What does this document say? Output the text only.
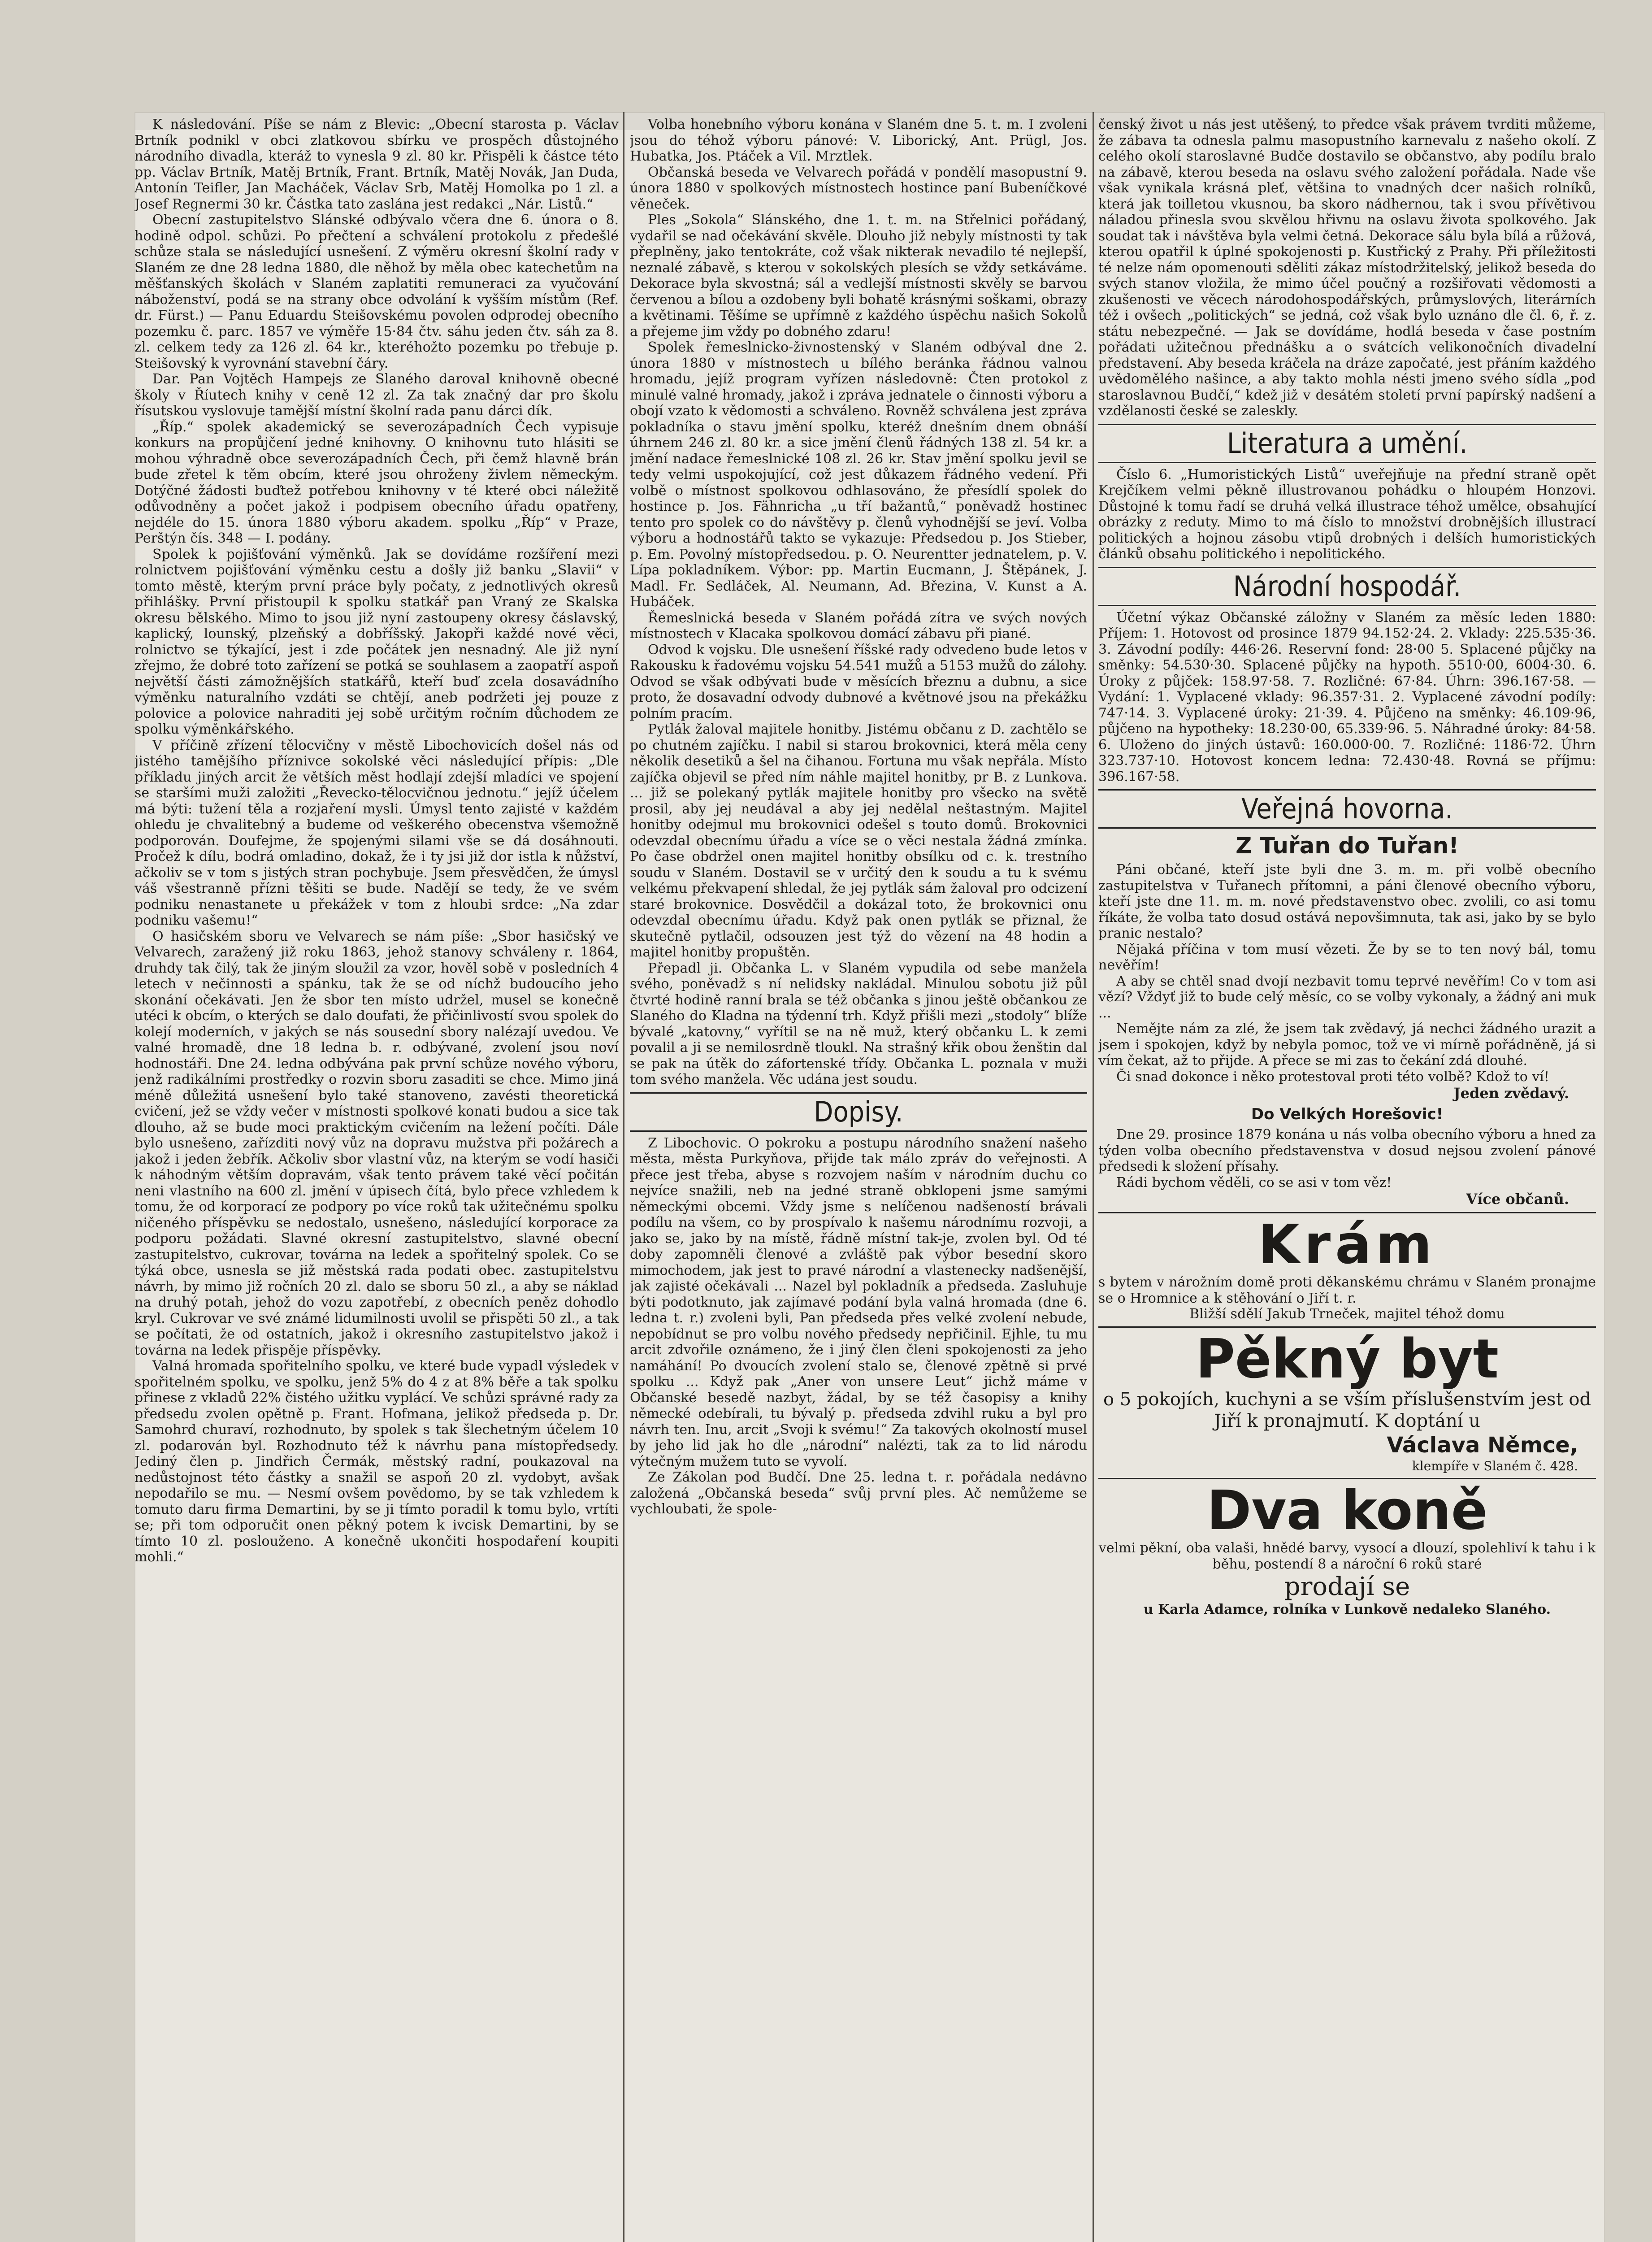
K následování. Píše se nám z Blevic: „Obecní starosta p. Václav Brtník podnikl v obci zlatkovou sbírku ve prospěch důstojného národního divadla, kteráž to vynesla 9 zl. 80 kr. Přispěli k částce této pp. Václav Brtník, Matěj Brtník, Frant. Brtník, Matěj Novák, Jan Duda, Antonín Teifler, Jan Macháček, Václav Srb, Matěj Homolka po 1 zl. a Josef Regnermi 30 kr. Částka tato zaslána jest redakci „Nár. Listů.“

Obecní zastupitelstvo Slánské odbývalo včera dne 6. února o 8. hodině odpol. schůzi. Po přečtení a schválení protokolu z předešlé schůze stala se následující usnešení. Z výměru okresní školní rady v Slaném ze dne 28 ledna 1880, dle něhož by měla obec katechetům na měšťanských školách v Slaném zaplatiti remuneraci za vyučování náboženství, podá se na strany obce odvolání k vyšším místům (Ref. dr. Fürst.) — Panu Eduardu Steišovskému povolen odprodej obecního pozemku č. parc. 1857 ve výměře 15·84 čtv. sáhu jeden čtv. sáh za 8. zl. celkem tedy za 126 zl. 64 kr., kteréhožto pozemku po třebuje p. Steišovský k vyrovnání stavební čáry.

Dar. Pan Vojtěch Hampejs ze Slaného daroval knihovně obecné školy v Říutech knihy v ceně 12 zl. Za tak značný dar pro školu řísutskou vyslovuje tamější místní školní rada panu dárci dík.

„Říp.“ spolek akademický se severozápadních Čech vypisuje konkurs na propůjčení jedné knihovny. O knihovnu tuto hlásiti se mohou výhradně obce severozápadních Čech, při čemž hlavně brán bude zřetel k těm obcím, které jsou ohroženy živlem německým. Dotýčné žádosti buďtež potřebou knihovny v té které obci náležitě odůvodněny a počet jakož i podpisem obecního úřadu opatřeny, nejdéle do 15. února 1880 výboru akadem. spolku „Říp“ v Praze, Perštýn čís. 348 — I. podány.

Spolek k pojišťování výměnků. Jak se dovídáme rozšíření mezi rolnictvem pojišťování výměnku cestu a došly již banku „Slavii“ v tomto městě, kterým první práce byly počaty, z jednotlivých okresů přihlášky. První přistoupil k spolku statkář pan Vraný ze Skalska okresu bělského. Mimo to jsou již nyní zastoupeny okresy čáslavský, kaplický, lounský, plzeňský a dobříšský. Jakopři každé nové věci, rolnictvo se týkající, jest i zde počátek jen nesnadný. Ale již nyní zřejmo, že dobré toto zařízení se potká se souhlasem a zaopatří aspoň největší části zámožnějších statkářů, kteří buď zcela dosavádního výměnku naturalního vzdáti se chtějí, aneb podržeti jej pouze z polovice a polovice nahraditi jej sobě určitým ročním důchodem ze spolku výměnkářského.

V příčině zřízení tělocvičny v městě Libochovicích došel nás od jistého tamějšího příznivce sokolské věci následující přípis: „Dle příkladu jiných arcit že větších měst hodlají zdejší mladíci ve spojení se staršími muži založiti „Řevecko-tělocvičnou jednotu.“ jejíž účelem má býti: tužení těla a rozjaření mysli. Úmysl tento zajisté v každém ohledu je chvalitebný a budeme od veškerého obecenstva všemožně podporován. Doufejme, že spojenými silami vše se dá dosáhnouti. Pročež k dílu, bodrá omladino, dokaž, že i ty jsi již dor istla k nůžství, ačkoliv se v tom s jistých stran pochybuje. Jsem přesvědčen, že úmysl váš všestranně přízni těšiti se bude. Nadějí se tedy, že ve svém podniku nenastanete u překážek v tom z hloubi srdce: „Na zdar podniku vašemu!“

O hasičském sboru ve Velvarech se nám píše: „Sbor hasičský ve Velvarech, zaražený již roku 1863, jehož stanovy schváleny r. 1864, druhdy tak čilý, tak že jiným sloužil za vzor, hověl sobě v posledních 4 letech v nečinnosti a spánku, tak že se od níchž budoucího jeho skonání očekávati. Jen že sbor ten místo udržel, musel se konečně utéci k obcím, o kterých se dalo doufati, že přičinlivostí svou spolek do kolejí moderních, v jakých se nás sousední sbory nalézají uvedou. Ve valné hromadě, dne 18 ledna b. r. odbývané, zvolení jsou noví hodnostáři. Dne 24. ledna odbývána pak první schůze nového výboru, jenž radikálními prostředky o rozvin sboru zasaditi se chce. Mimo jiná méně důležitá usnešení bylo také stanoveno, zavésti theoretická cvičení, jež se vždy večer v místnosti spolkové konati budou a sice tak dlouho, až se bude moci praktickým cvičením na ležení počíti. Dále bylo usnešeno, zařízditi nový vůz na dopravu mužstva při požárech a jakož i jeden žebřík. Ačkoliv sbor vlastní vůz, na kterým se vodí hasiči k náhodným větším dopravám, však tento právem také věcí počitán neni vlastního na 600 zl. jmění v úpisech čítá, bylo přece vzhledem k tomu, že od korporací ze podpory po více roků tak užitečnému spolku ničeného příspěvku se nedostalo, usnešeno, následující korporace za podporu požádati. Slavné okresní zastupitelstvo, slavné obecní zastupitelstvo, cukrovar, továrna na ledek a spořitelný spolek. Co se týká obce, usnesla se již městská rada podati obec. zastupitelstvu návrh, by mimo již ročních 20 zl. dalo se sboru 50 zl., a aby se náklad na druhý potah, jehož do vozu zapotřebí, z obecních peněz dohodlo kryl. Cukrovar ve své známé lidumilnosti uvolil se přispěti 50 zl., a tak se počítati, že od ostatních, jakož i okresního zastupitelstvo jakož i továrna na ledek přispěje příspěvky.

Valná hromada spořitelního spolku, ve které bude vypadl výsledek v spořitelném spolku, ve spolku, jenž 5% do 4 z at 8% běře a tak spolku přinese z vkladů 22% čistého užitku vyplácí. Ve schůzi správné rady za předsedu zvolen opětně p. Frant. Hofmana, jelikož předseda p. Dr. Samohrd churaví, rozhodnuto, by spolek s tak šlechetným účelem 10 zl. podarován byl. Rozhodnuto též k návrhu pana místopředsedy. Jediný člen p. Jindřich Čermák, městský radní, poukazoval na nedůstojnost této částky a snažil se aspoň 20 zl. vydobyt, avšak nepodařilo se mu. — Nesmí ovšem povědomo, by se tak vzhledem k tomuto daru firma Demartini, by se ji tímto poradil k tomu bylo, vrtíti se; při tom odporučit onen pěkný potem k ivcisk Demartini, by se tímto 10 zl. poslouženo. A konečně ukončiti hospodaření koupiti mohli.“

Volba honebního výboru konána v Slaném dne 5. t. m. I zvoleni jsou do téhož výboru pánové: V. Liborický, Ant. Prügl, Jos. Hubatka, Jos. Ptáček a Vil. Mrztlek.

Občanská beseda ve Velvarech pořádá v pondělí masopustní 9. února 1880 v spolkových místnostech hostince paní Bubeníčkové věneček.

Ples „Sokola“ Slánského, dne 1. t. m. na Střelnici pořádaný, vydařil se nad očekávání skvěle. Dlouho již nebyly místnosti ty tak přeplněny, jako tentokráte, což však nikterak nevadilo té nejlepší, neznalé zábavě, s kterou v sokolských plesích se vždy setkáváme. Dekorace byla skvostná; sál a vedlejší místnosti skvěly se barvou červenou a bílou a ozdobeny byli bohatě krásnými soškami, obrazy a květinami. Těšíme se upřímně z každého úspěchu našich Sokolů a přejeme jim vždy po dobného zdaru!

Spolek řemeslnicko-živnostenský v Slaném odbýval dne 2. února 1880 v místnostech u bílého beránka řádnou valnou hromadu, jejíž program vyřízen následovně: Čten protokol z minulé valné hromady, jakož i zpráva jednatele o činnosti výboru a obojí vzato k vědomosti a schváleno. Rovněž schválena jest zpráva pokladníka o stavu jmění spolku, kteréž dnešním dnem obnáší úhrnem 246 zl. 80 kr. a sice jmění členů řádných 138 zl. 54 kr. a jmění nadace řemeslnické 108 zl. 26 kr. Stav jmění spolku jevil se tedy velmi uspokojující, což jest důkazem řádného vedení. Při volbě o místnost spolkovou odhlasováno, že přesídlí spolek do hostince p. Jos. Fähnricha „u tří bažantů,“ poněvadž hostinec tento pro spolek co do návštěvy p. členů vyhodnější se jeví. Volba výboru a hodnostářů takto se vykazuje: Předsedou p. Jos Stieber, p. Em. Povolný místopředsedou. p. O. Neurentter jednatelem, p. V. Lípa pokladníkem. Výbor: pp. Martin Eucmann, J. Štěpánek, J. Madl. Fr. Sedláček, Al. Neumann, Ad. Březina, V. Kunst a A. Hubáček.

Řemeslnická beseda v Slaném pořádá zítra ve svých nových místnostech v Klacaka spolkovou domácí zábavu při piané.

Odvod k vojsku. Dle usnešení říšské rady odvedeno bude letos v Rakousku k řadovému vojsku 54.541 mužů a 5153 mužů do zálohy. Odvod se však odbývati bude v měsících březnu a dubnu, a sice proto, že dosavadní odvody dubnové a květnové jsou na překážku polním pracím.

Pytlák žaloval majitele honitby. Jistému občanu z D. zachtělo se po chutném zajíčku. I nabil si starou brokovnici, která měla ceny několik desetiků a šel na čihanou. Fortuna mu však nepřála. Místo zajíčka objevil se před ním náhle majitel honitby, pr B. z Lunkova. ... již se polekaný pytlák majitele honitby pro všecko na světě prosil, aby jej neudával a aby jej nedělal neštastným. Majitel honitby odejmul mu brokovnici odešel s touto domů. Brokovnici odevzdal obecnímu úřadu a více se o věci nestala žádná zmínka. Po čase obdržel onen majitel honitby obsílku od c. k. trestního soudu v Slaném. Dostavil se v určitý den k soudu a tu k svému velkému překvapení shledal, že jej pytlák sám žaloval pro odcizení staré brokovnice. Dosvědčil a dokázal toto, že brokovnici onu odevzdal obecnímu úřadu. Když pak onen pytlák se přiznal, že skutečně pytlačil, odsouzen jest týž do vězení na 48 hodin a majitel honitby propuštěn.

Přepadl ji. Občanka L. v Slaném vypudila od sebe manžela svého, poněvadž s ní nelidsky nakládal. Minulou sobotu již půl čtvrté hodině ranní brala se též občanka s jinou ještě občankou ze Slaného do Kladna na týdenní trh. Když přišli mezi „stodoly“ blíže bývalé „katovny,“ vyřítil se na ně muž, který občanku L. k zemi povalil a ji se nemilosrdně tloukl. Na strašný křik obou ženštin dal se pak na útěk do záfortenské třídy. Občanka L. poznala v muži tom svého manžela. Věc udána jest soudu.

Dopisy.

Z Libochovic. O pokroku a postupu národního snažení našeho města, města Purkyňova, přijde tak málo zpráv do veřejnosti. A přece jest třeba, abyse s rozvojem naším v národním duchu co nejvíce snažili, neb na jedné straně obklopeni jsme samými německými obcemi. Vždy jsme s nelíčenou nadšeností brávali podílu na všem, co by prospívalo k našemu národnímu rozvoji, a jako se, jako by na místě, řádně místní tak-je, zvolen byl. Od té doby zapomněli členové a zvláště pak výbor besední skoro mimochodem, jak jest to pravé národní a vlastenecky nadšenější, jak zajisté očekávali ... Nazel byl pokladník a předseda. Zasluhuje býti podotknuto, jak zajímavé podání byla valná hromada (dne 6. ledna t. r.) zvoleni byli, Pan předseda přes velké zvolení nebude, nepobídnut se pro volbu nového předsedy nepřičinil. Ejhle, tu mu arcit zdvořile oznámeno, že i jiný člen členi spokojenosti za jeho namáhání! Po dvoucích zvolení stalo se, členové zpětně si prvé spolku ... Když pak „Aner von unsere Leut“ jichž máme v Občanské besedě nazbyt, žádal, by se též časopisy a knihy německé odebírali, tu bývalý p. předseda zdvihl ruku a byl pro návrh ten. Inu, arcit „Svoji k svému!“ Za takových okolností musel by jeho lid jak ho dle „národní“ nalézti, tak za to lid národu výtečným mužem tuto se vyvolí.

Ze Zákolan pod Budčí. Dne 25. ledna t. r. pořádala nedávno založená „Občanská beseda“ svůj první ples. Ač nemůžeme se vychloubati, že spole-

čenský život u nás jest utěšený, to předce však právem tvrditi můžeme, že zábava ta odnesla palmu masopustního karnevalu z našeho okolí. Z celého okolí staroslavné Budče dostavilo se občanstvo, aby podílu bralo na zábavě, kterou beseda na oslavu svého založení pořádala. Nade vše však vynikala krásná pleť, většina to vnadných dcer našich rolníků, která jak toilletou vkusnou, ba skoro nádhernou, tak i svou přívětivou náladou přinesla svou skvělou hřivnu na oslavu života spolkového. Jak soudat tak i návštěva byla velmi četná. Dekorace sálu byla bílá a růžová, kterou opatřil k úplné spokojenosti p. Kustřický z Prahy. Při příležitosti té nelze nám opomenouti sděliti zákaz místodržitelský, jelikož beseda do svých stanov vložila, že mimo účel poučný a rozšiřovati vědomosti a zkušenosti ve věcech národohospodářských, průmyslových, literárních též i ovšech „politických“ se jedná, což však bylo uznáno dle čl. 6, ř. z. státu nebezpečné. — Jak se dovídáme, hodlá beseda v čase postním pořádati užitečnou přednášku a o svátcích velikonočních divadelní představení. Aby beseda kráčela na dráze započaté, jest přáním každého uvědomělého našince, a aby takto mohla nésti jmeno svého sídla „pod staroslavnou Budčí,“ kdež již v desátém století první papírský nadšení a vzdělanosti české se zaleskly.

Literatura a umění.

Číslo 6. „Humoristických Listů“ uveřejňuje na přední straně opět Krejčíkem velmi pěkně illustrovanou pohádku o hloupém Honzovi. Důstojné k tomu řadí se druhá velká illustrace téhož umělce, obsahující obrázky z reduty. Mimo to má číslo to množství drobnějších illustrací politických a hojnou zásobu vtipů drobných i delších humoristických článků obsahu politického i nepolitického.

Národní hospodář.

Účetní výkaz Občanské záložny v Slaném za měsíc leden 1880: Příjem: 1. Hotovost od prosince 1879 94.152·24. 2. Vklady: 225.535·36. 3. Závodní podíly: 446·26. Reservní fond: 28·00 5. Splacené půjčky na směnky: 54.530·30. Splacené půjčky na hypoth. 5510·00, 6004·30. 6. Úroky z půjček: 158.97·58. 7. Rozličné: 67·84. Úhrn: 396.167·58. — Vydání: 1. Vyplacené vklady: 96.357·31. 2. Vyplacené závodní podíly: 747·14. 3. Vyplacené úroky: 21·39. 4. Půjčeno na směnky: 46.109·96, půjčeno na hypotheky: 18.230·00, 65.339·96. 5. Náhradné úroky: 84·58. 6. Uloženo do jiných ústavů: 160.000·00. 7. Rozličné: 1186·72. Úhrn 323.737·10. Hotovost koncem ledna: 72.430·48. Rovná se příjmu: 396.167·58.

Veřejná hovorna.
Z Tuřan do Tuřan!

Páni občané, kteří jste byli dne 3. m. m. při volbě obecního zastupitelstva v Tuřanech přítomni, a páni členové obecního výboru, kteří jste dne 11. m. m. nové představenstvo obec. zvolili, co asi tomu říkáte, že volba tato dosud ostává nepovšimnuta, tak asi, jako by se bylo pranic nestalo?

Nějaká příčina v tom musí vězeti. Že by se to ten nový bál, tomu nevěřím!

A aby se chtěl snad dvojí nezbavit tomu teprvé nevěřím! Co v tom asi vězí? Vždyť již to bude celý měsíc, co se volby vykonaly, a žádný ani muk ...

Nemějte nám za zlé, že jsem tak zvědavý, já nechci žádného urazit a jsem i spokojen, když by nebyla pomoc, tož ve vi mírně pořádněně, já si vím čekat, až to přijde. A přece se mi zas to čekání zdá dlouhé.

Či snad dokonce i něko protestoval proti této volbě? Kdož to ví!

Jeden zvědavý.
Do Velkých Horešovic!

Dne 29. prosince 1879 konána u nás volba obecního výboru a hned za týden volba obecního představenstva v dosud nejsou zvolení pánové předsedi k složení přísahy.

Rádi bychom věděli, co se asi v tom věz!

Více občanů.
Krám

s bytem v nárožním domě proti děkanskému chrámu v Slaném pronajme se o Hromnice a k stěhování o Jiří t. r.

Bližší sdělí Jakub Trneček, majitel téhož domu
Pěkný byt

o 5 pokojích, kuchyni a se vším příslušenstvím jest od Jiří k pronajmutí. K doptání u

Václava Němce,
klempíře v Slaném č. 428.
Dva koně

velmi pěkní, oba valaši, hnědé barvy, vysocí a dlouzí, spolehliví k tahu i k běhu, postendí 8 a nároční 6 roků staré

prodají se
u Karla Adamce, rolníka v Lunkově nedaleko Slaného.
